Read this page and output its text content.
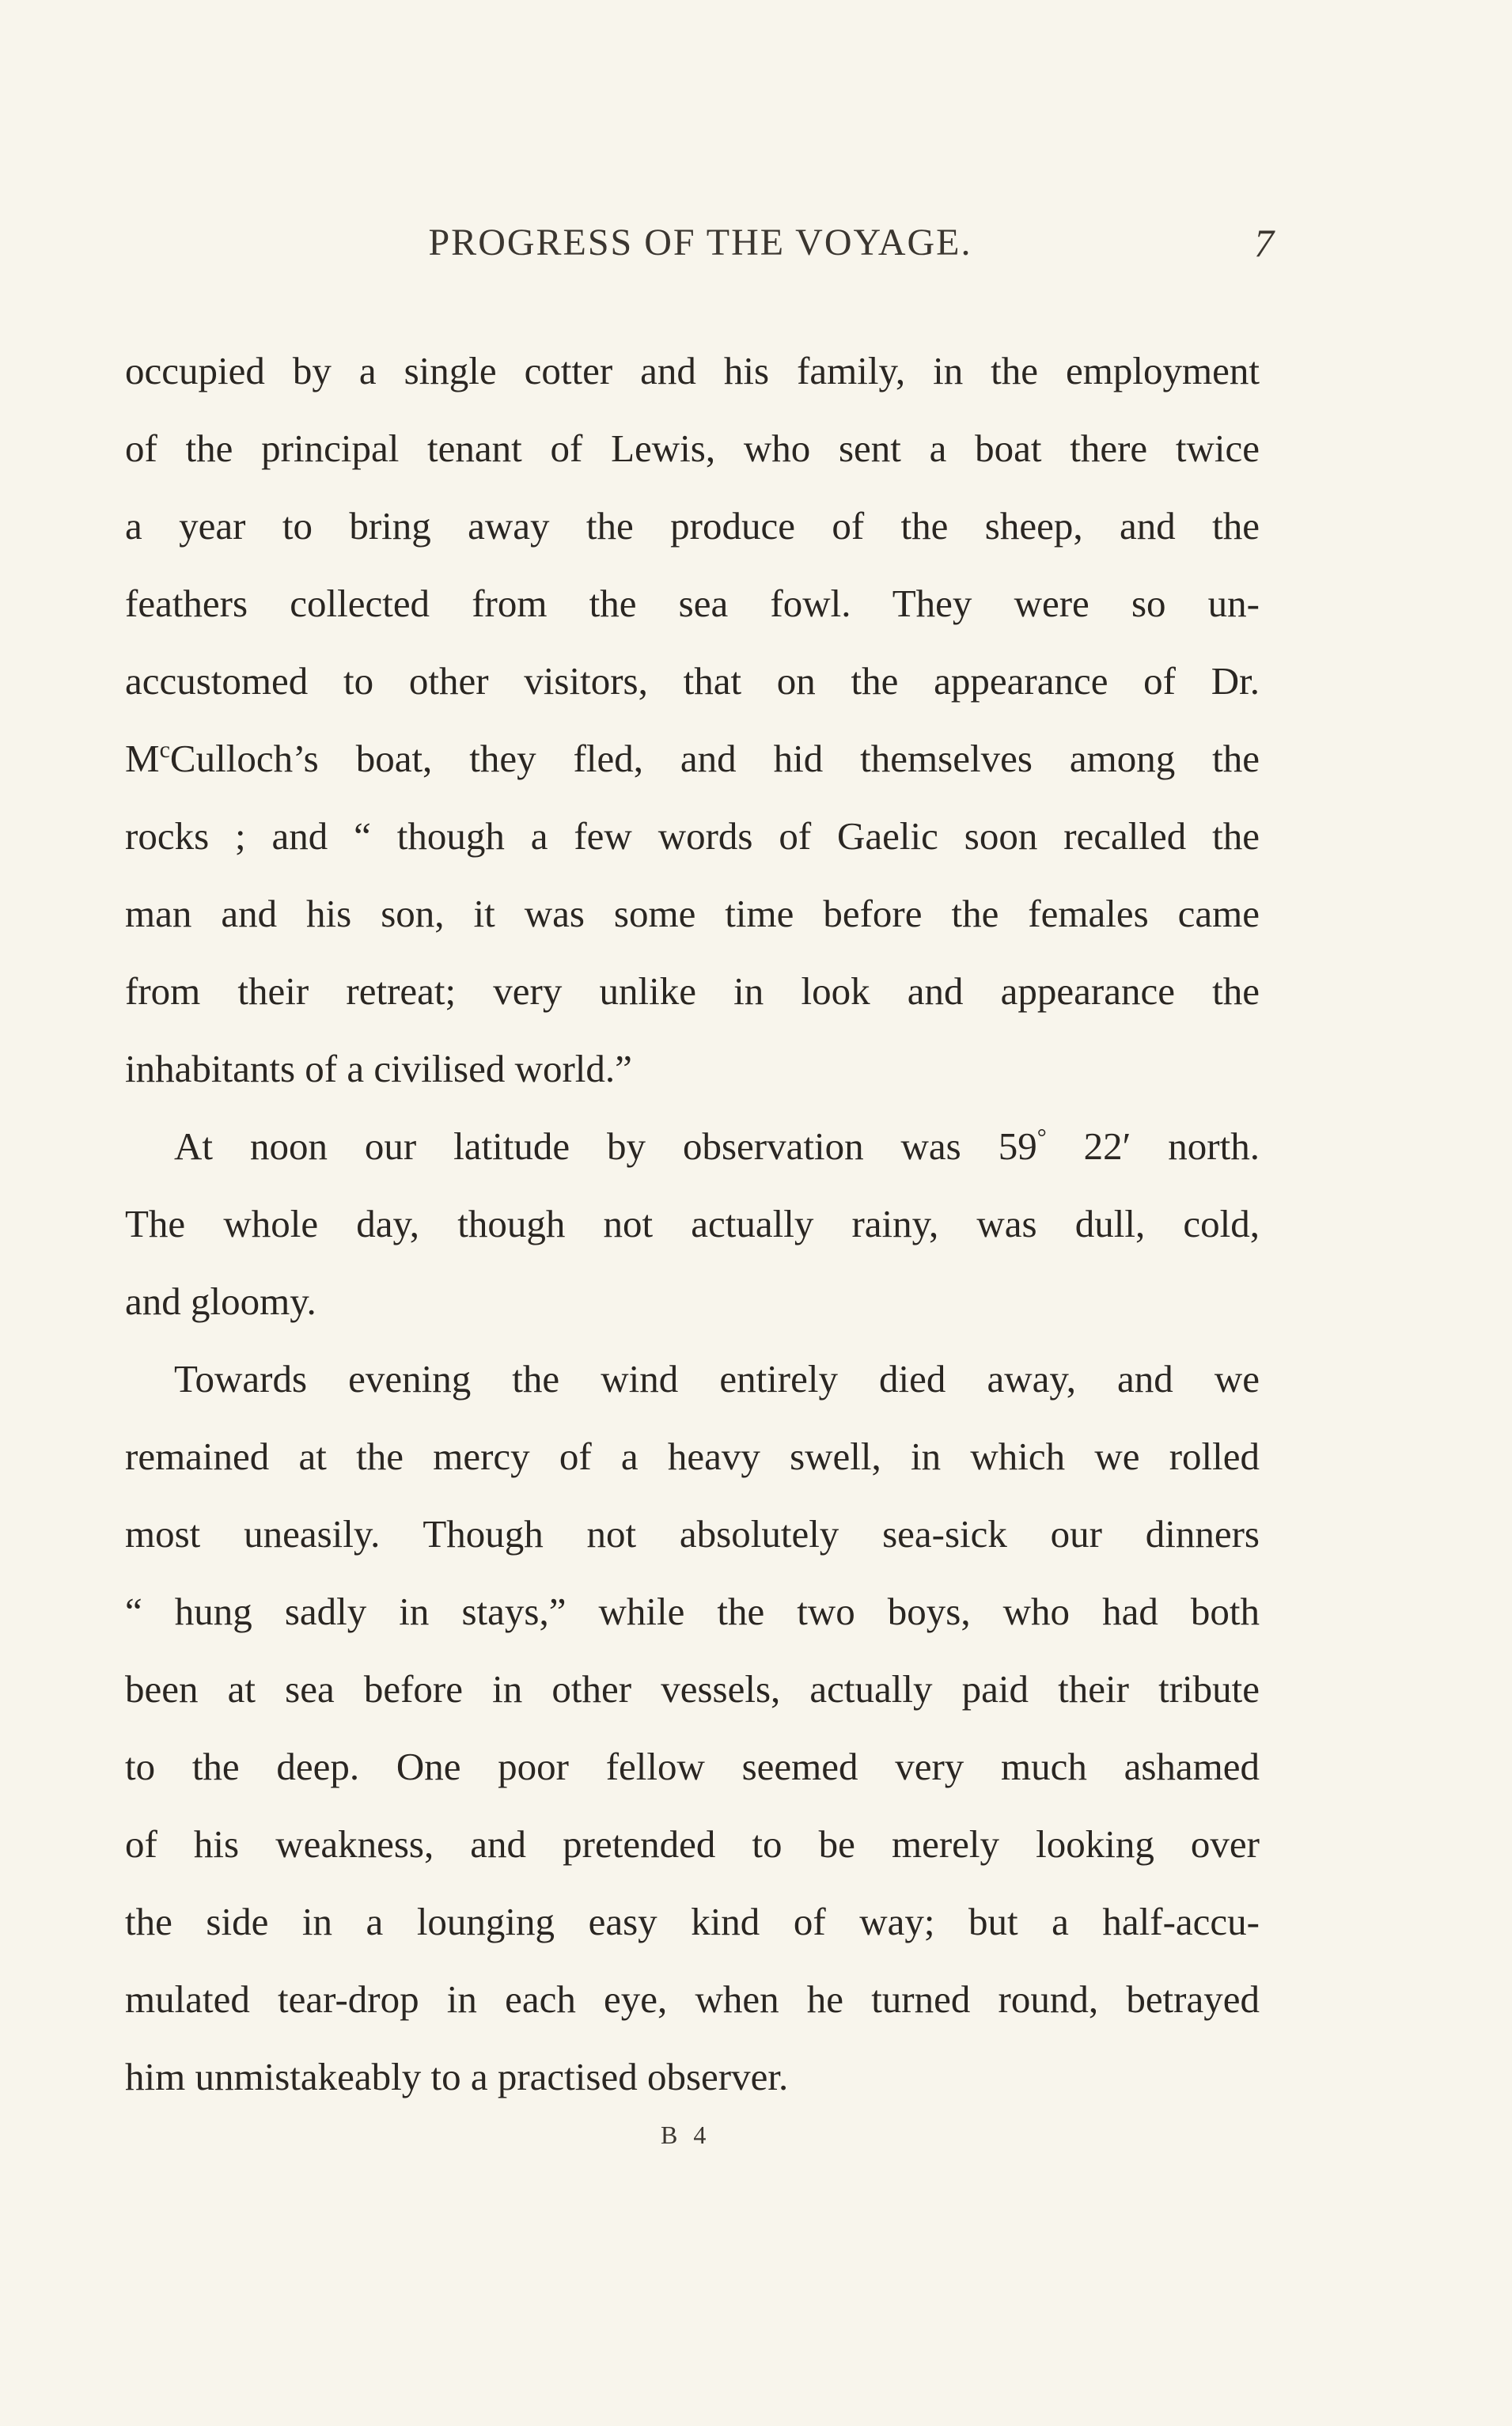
PROGRESS OF THE VOYAGE.	7
occupied by a single cotter and his family, in the employment
of the principal tenant of Lewis, who sent a boat there twice
a year to bring away the produce of the sheep, and the
feathers collected from the sea fowl. They were so un-
accustomed to other visitors, that on the appearance of Dr.
$M^cCulloch’s$ boat, they fled, and hid themselves among the
rocks ; and “ though a few words of Gaelic soon recalled the
man and his son, it was some time before the females came
from their retreat; very unlike in look and appearance the
inhabitants of a civilised world.”
At noon our latitude by observation was 59° 22′ north.
The whole day, though not actually rainy, was dull, cold,
and gloomy.
Towards evening the wind entirely died away, and we
remained at the mercy of a heavy swell, in which we rolled
most uneasily. Though not absolutely sea-sick our dinners
“ hung sadly in stays,” while the two boys, who had both
been at sea before in other vessels, actually paid their tribute
to the deep. One poor fellow seemed very much ashamed
of his weakness, and pretended to be merely looking over
the side in a lounging easy kind of way; but a half-accu-
mulated tear-drop in each eye, when he turned round, betrayed
him unmistakeably to a practised observer.
B 4
